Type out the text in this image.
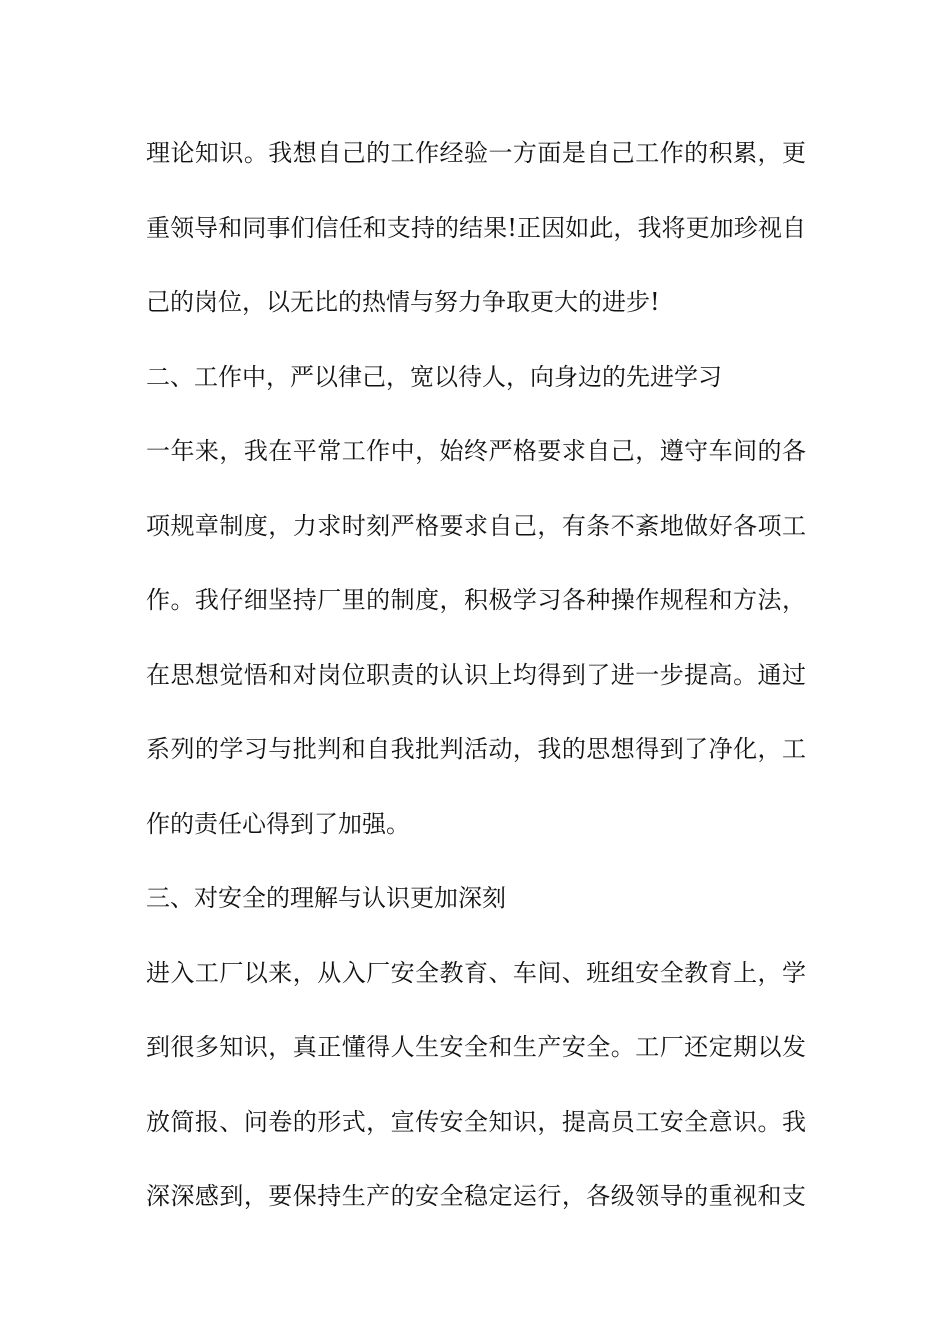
理论知识。我想自己的工作经验一方面是自己工作的积累，更
重领导和同事们信任和支持的结果!正因如此，我将更加珍视自
己的岗位，以无比的热情与努力争取更大的进步!
二、工作中，严以律己，宽以待人，向身边的先进学习
一年来，我在平常工作中，始终严格要求自己，遵守车间的各
项规章制度，力求时刻严格要求自己，有条不紊地做好各项工
作。我仔细坚持厂里的制度，积极学习各种操作规程和方法，
在思想觉悟和对岗位职责的认识上均得到了进一步提高。通过
系列的学习与批判和自我批判活动，我的思想得到了净化，工
作的责任心得到了加强。
三、对安全的理解与认识更加深刻
进入工厂以来，从入厂安全教育、车间、班组安全教育上，学
到很多知识，真正懂得人生安全和生产安全。工厂还定期以发
放简报、问卷的形式，宣传安全知识，提高员工安全意识。我
深深感到，要保持生产的安全稳定运行，各级领导的重视和支
